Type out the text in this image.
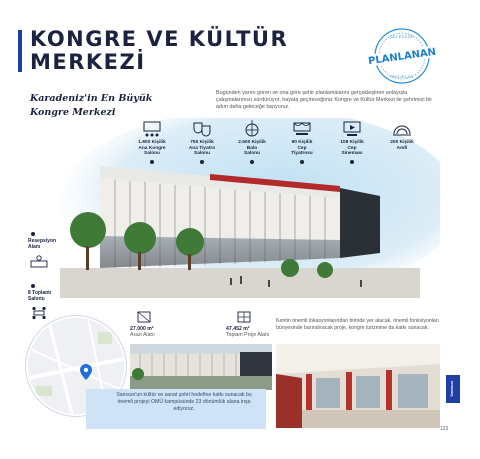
KONGRE VE KÜLTÜR
MERKEZİ
GELECEĞE
PLANLANAN
PROJELER
Karadeniz'in En Büyük
Kongre Merkezi
Bugünden yarını gören ve ona göre şehir planlamalarını gerçekleştiren anlayışla çalışmalarımızı sürdürüyor, hayata geçireceğimiz Kongre ve Kültür Merkezi ile şehrimizi bir adım daha geleceğe taşıyoruz.
1.800 Kişilik
Ana Kongre
Salonu
750 Kişilik
Ana Tiyatro
Salonu
2.500 Kişilik
Balo
Salonu
90 Kişilik
Cep
Tiyatrosu
108 Kişilik
Cep
Sineması
200 Kişilik
Amfi

Resepsiyon
Alanı
8 Toplantı
Salonu
27.000 m²
Arazi Alanı
47.452 m²
Toplam Proje Alanı
Kentin önemli lokasyonlarından birinde yer alacak, önemli fonksiyonları bünyesinde barındıracak proje, kongre turizmine da katkı sunacak.
Samsun'un kültür ve sanat şehri hedefine katkı sunacak bu önemli projeyi OMÜ kampüsünde 23 dönümlük alana inşa ediyoruz.
Samsun
123
